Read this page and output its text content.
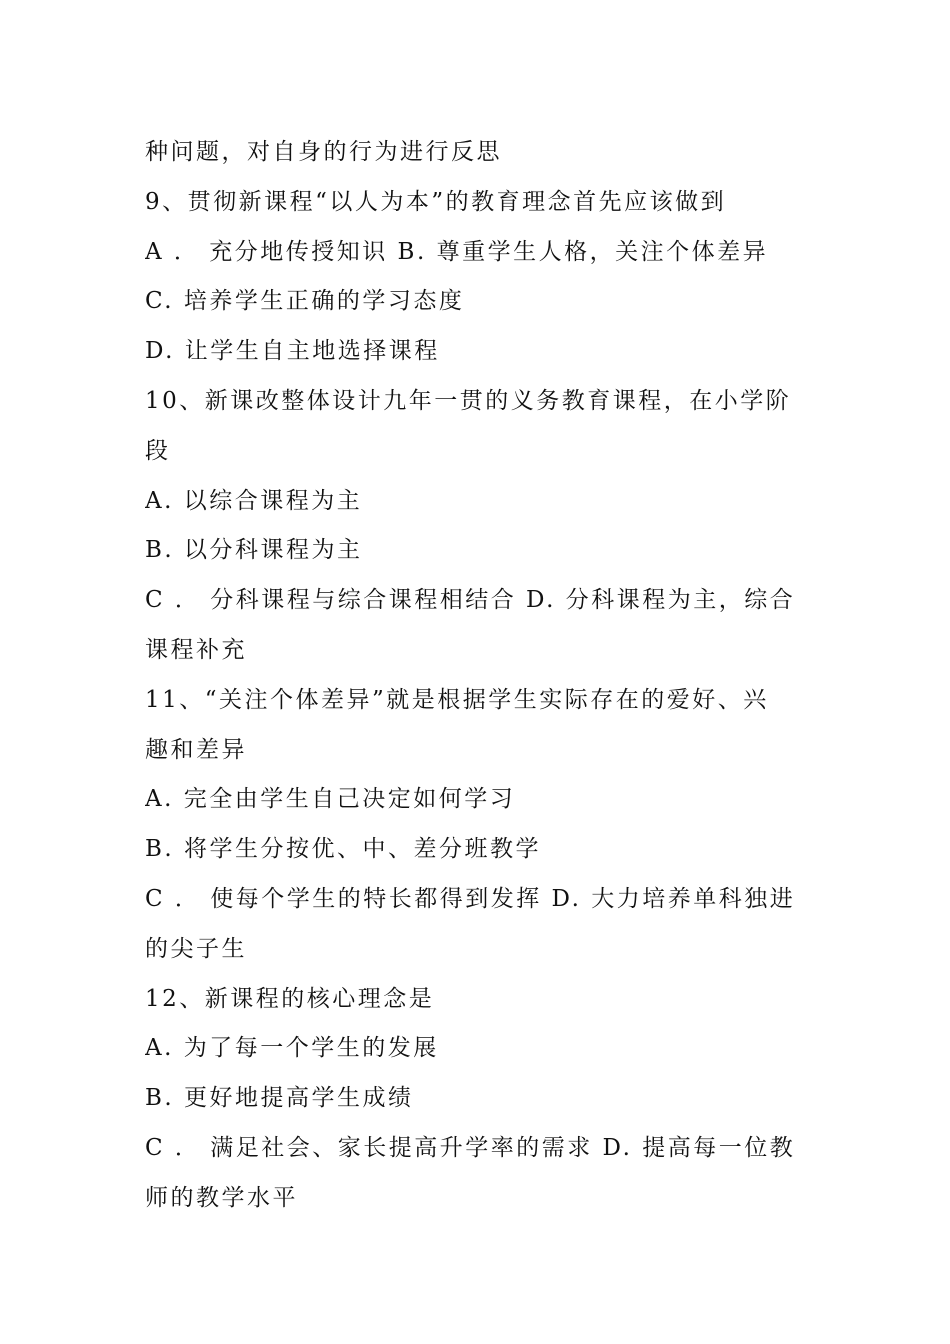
种问题，对自身的行为进行反思
9、贯彻新课程“以人为本”的教育理念首先应该做到
A ． 充分地传授知识 B. 尊重学生人格，关注个体差异
C. 培养学生正确的学习态度
D. 让学生自主地选择课程
10、新课改整体设计九年一贯的义务教育课程，在小学阶
段
A. 以综合课程为主
B. 以分科课程为主
C ． 分科课程与综合课程相结合 D. 分科课程为主，综合
课程补充
11、“关注个体差异”就是根据学生实际存在的爱好、兴
趣和差异
A. 完全由学生自己决定如何学习
B. 将学生分按优、中、差分班教学
C ． 使每个学生的特长都得到发挥 D. 大力培养单科独进
的尖子生
12、新课程的核心理念是
A. 为了每一个学生的发展
B. 更好地提高学生成绩
C ． 满足社会、家长提高升学率的需求 D. 提高每一位教
师的教学水平
